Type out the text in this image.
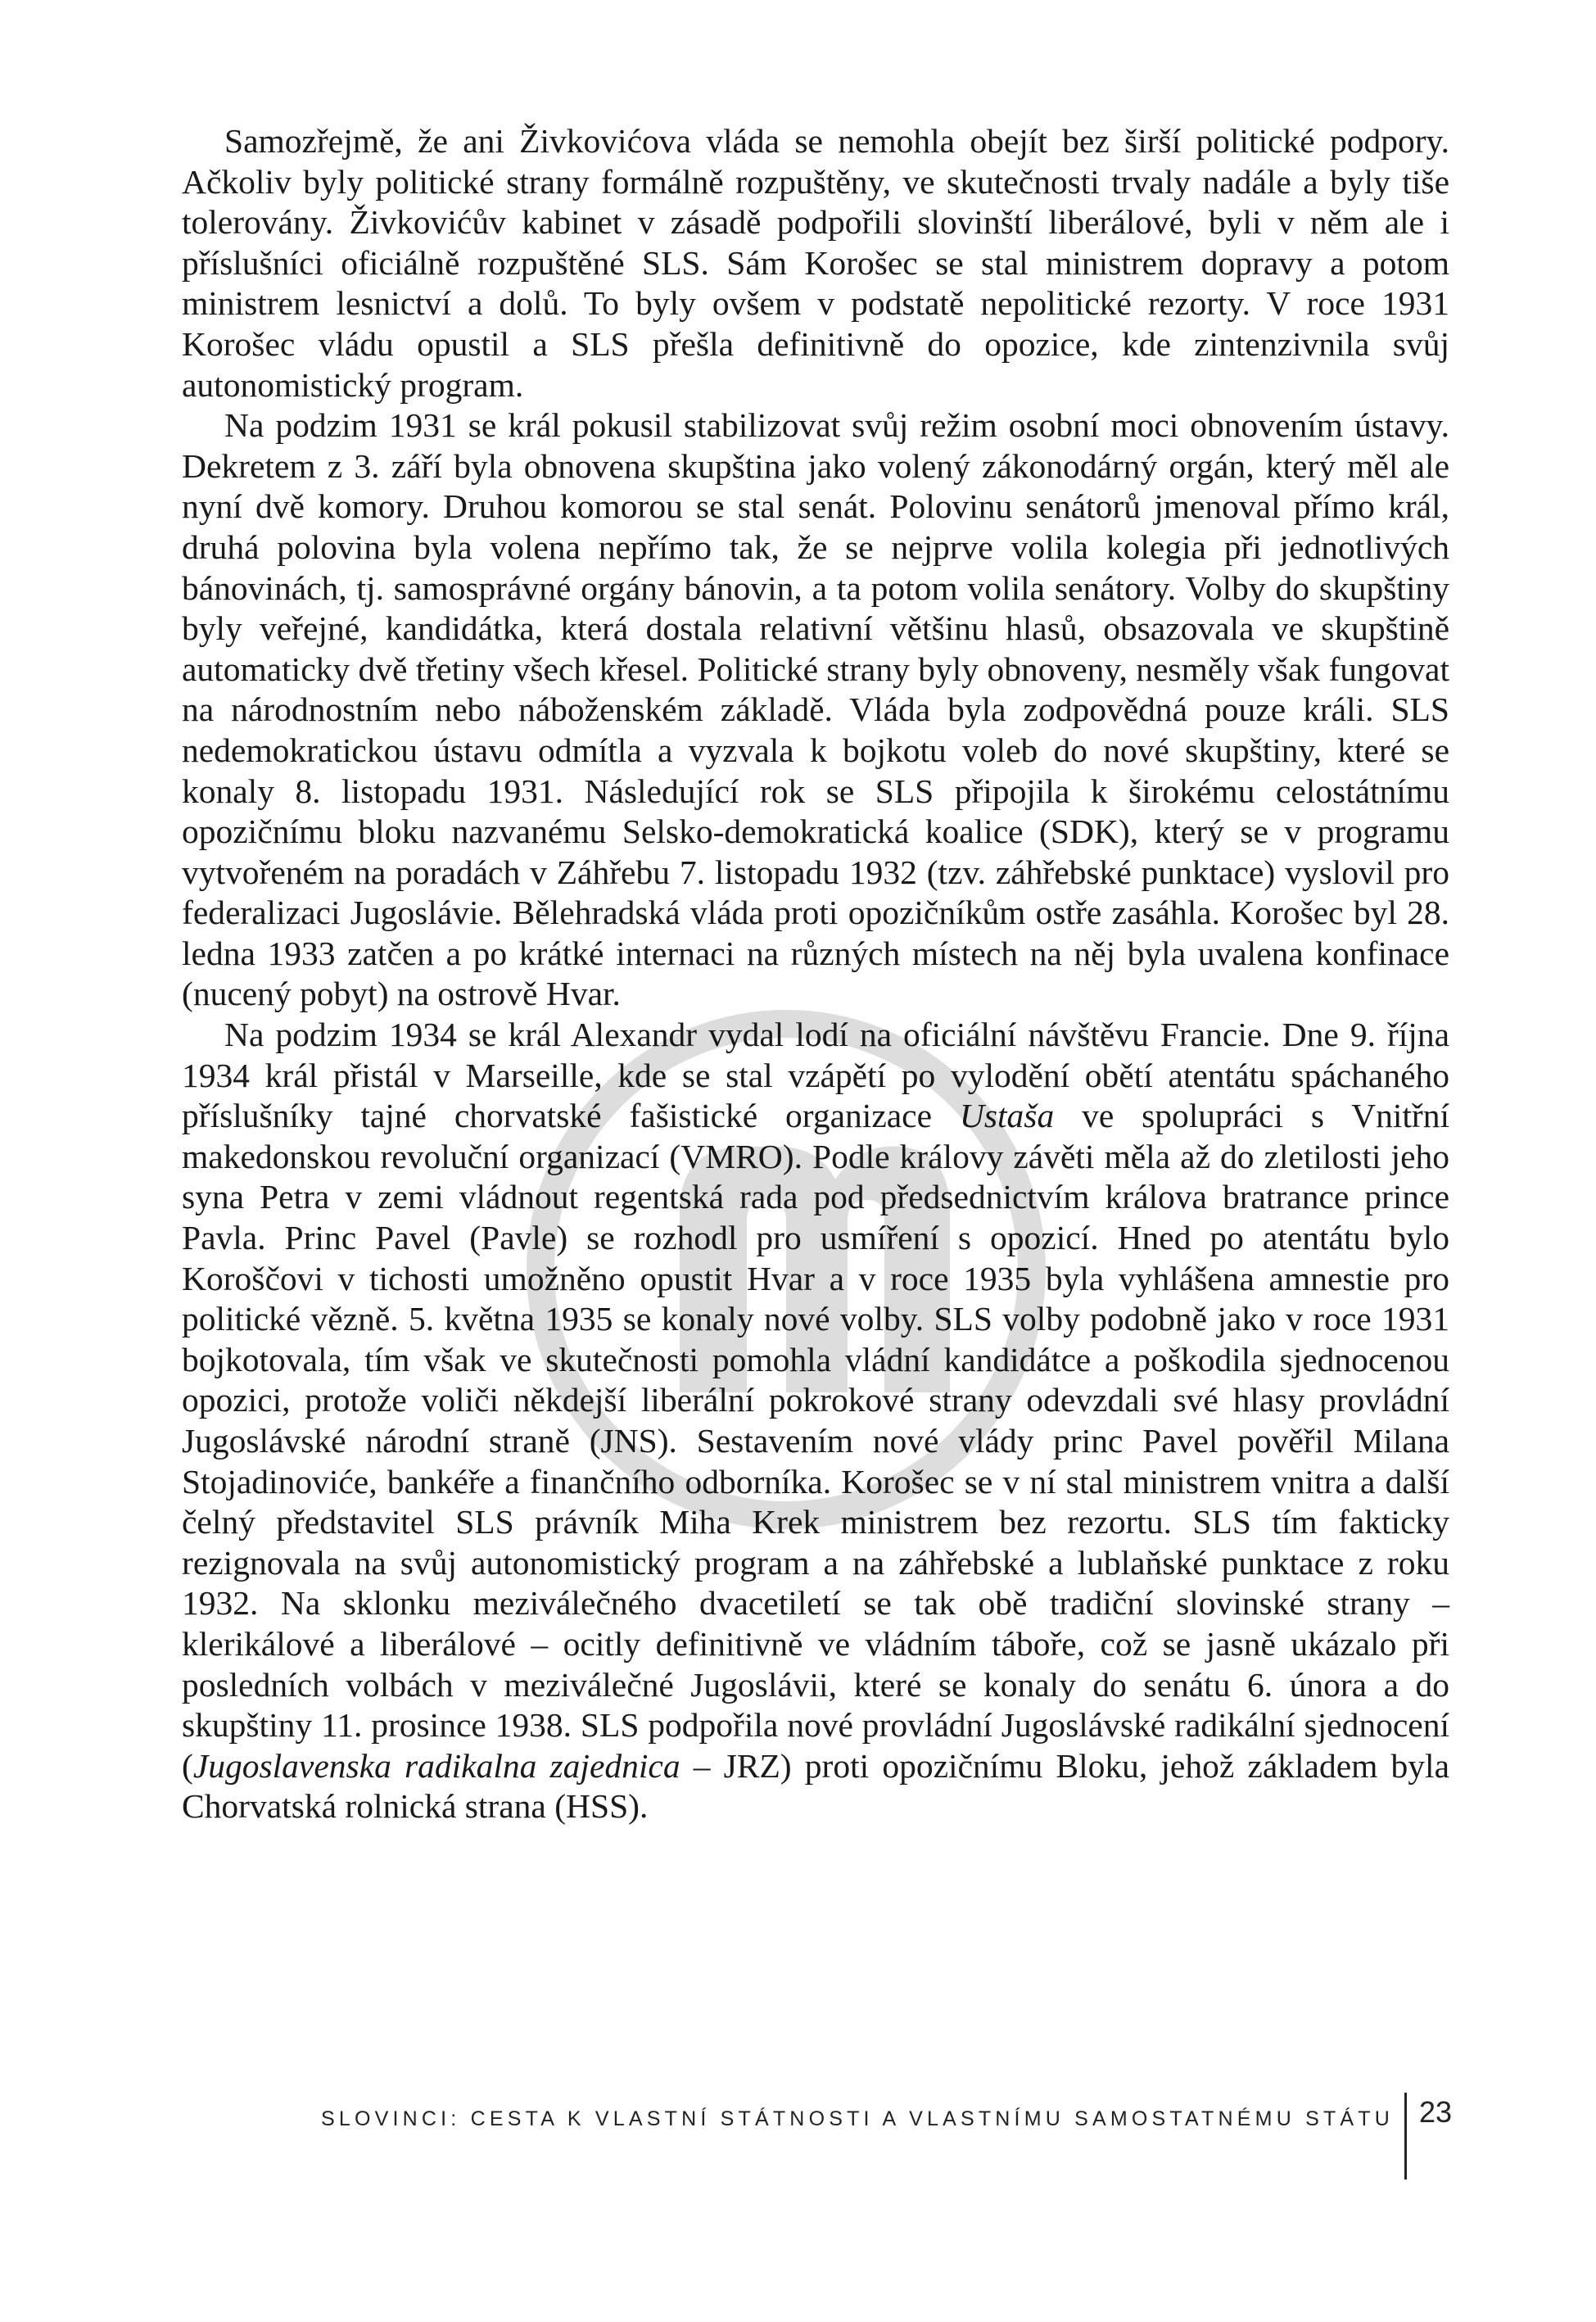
Samozřejmě, že ani Živkovićova vláda se nemohla obejít bez širší politické podpory. Ačkoliv byly politické strany formálně rozpuštěny, ve skutečnosti trvaly nadále a byly tiše tolerovány. Živkovićův kabinet v zásadě podpořili slovinští liberálové, byli v něm ale i příslušníci oficiálně rozpuštěné SLS. Sám Korošec se stal ministrem dopravy a potom ministrem lesnictví a dolů. To byly ovšem v podstatě nepolitické rezorty. V roce 1931 Korošec vládu opustil a SLS přešla definitivně do opozice, kde zintenzivnila svůj autonomistický program.

Na podzim 1931 se král pokusil stabilizovat svůj režim osobní moci obnovením ústavy. Dekretem z 3. září byla obnovena skupština jako volený zákonodárný orgán, který měl ale nyní dvě komory. Druhou komorou se stal senát. Polovinu senátorů jmenoval přímo král, druhá polovina byla volena nepřímo tak, že se nejprve volila kolegia při jednotlivých bánovinách, tj. samosprávné orgány bánovin, a ta potom volila senátory. Volby do skupštiny byly veřejné, kandidátka, která dostala relativní většinu hlasů, obsazovala ve skupštině automaticky dvě třetiny všech křesel. Politické strany byly obnoveny, nesměly však fungovat na národnostním nebo náboženském základě. Vláda byla zodpovědná pouze králi. SLS nedemokratickou ústavu odmítla a vyzvala k bojkotu voleb do nové skupštiny, které se konaly 8. listopadu 1931. Následující rok se SLS připojila k širokému celostátnímu opozičnímu bloku nazvanému Selsko-demokratická koalice (SDK), který se v programu vytvořeném na poradách v Záhřebu 7. listopadu 1932 (tzv. záhřebské punktace) vyslovil pro federalizaci Jugoslávie. Bělehradská vláda proti opozičníkům ostře zasáhla. Korošec byl 28. ledna 1933 zatčen a po krátké internaci na různých místech na něj byla uvalena konfinace (nucený pobyt) na ostrově Hvar.

Na podzim 1934 se král Alexandr vydal lodí na oficiální návštěvu Francie. Dne 9. října 1934 král přistál v Marseille, kde se stal vzápětí po vylodění obětí atentátu spáchaného příslušníky tajné chorvatské fašistické organizace Ustaša ve spolupráci s Vnitřní makedonskou revoluční organizací (VMRO). Podle královy závěti měla až do zletilosti jeho syna Petra v zemi vládnout regentská rada pod předsednictvím králova bratrance prince Pavla. Princ Pavel (Pavle) se rozhodl pro usmíření s opozicí. Hned po atentátu bylo Koroščovi v tichosti umožněno opustit Hvar a v roce 1935 byla vyhlášena amnestie pro politické vězně. 5. května 1935 se konaly nové volby. SLS volby podobně jako v roce 1931 bojkotovala, tím však ve skutečnosti pomohla vládní kandidátce a poškodila sjednocenou opozici, protože voliči někdejší liberální pokrokové strany odevzdali své hlasy provládní Jugoslávské národní straně (JNS). Sestavením nové vlády princ Pavel pověřil Milana Stojadinoviće, bankéře a finančního odborníka. Korošec se v ní stal ministrem vnitra a další čelný představitel SLS právník Miha Krek ministrem bez rezortu. SLS tím fakticky rezignovala na svůj autonomistický program a na záhřebské a lublaňské punktace z roku 1932. Na sklonku meziválečného dvacetiletí se tak obě tradiční slovinské strany – klerikálové a liberálové – ocitly definitivně ve vládním táboře, což se jasně ukázalo při posledních volbách v meziválečné Jugoslávii, které se konaly do senátu 6. února a do skupštiny 11. prosince 1938. SLS podpořila nové provládní Jugoslávské radikální sjednocení (Jugoslavenska radikalna zajednica – JRZ) proti opozičnímu Bloku, jehož základem byla Chorvatská rolnická strana (HSS).

SLOVINCI: CESTA K VLASTNÍ STÁTNOSTI A VLASTNÍMU SAMOSTATNÉMU STÁTU 23
